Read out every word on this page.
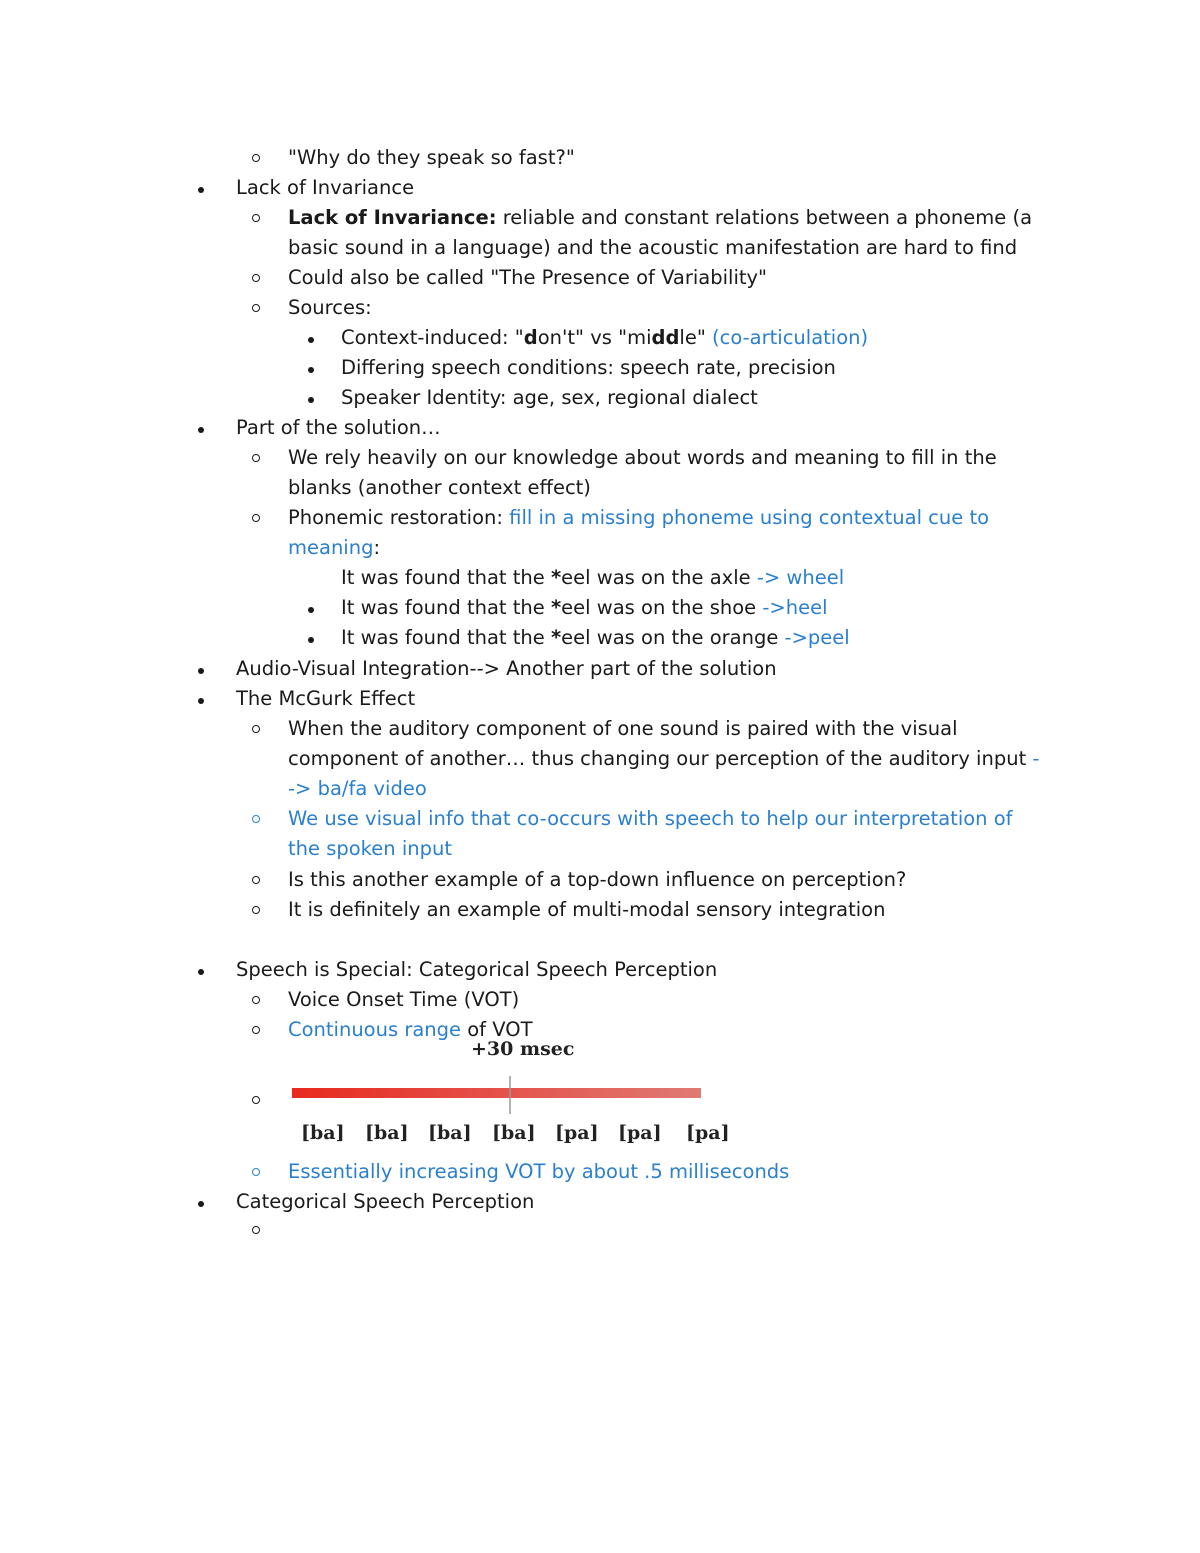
"Why do they speak so fast?"
Lack of Invariance
Lack of Invariance: reliable and constant relations between a phoneme (a
basic sound in a language) and the acoustic manifestation are hard to find
Could also be called "The Presence of Variability"
Sources:
Context-induced: "don't" vs "middle" (co-articulation)
Differing speech conditions: speech rate, precision
Speaker Identity: age, sex, regional dialect
Part of the solution…
We rely heavily on our knowledge about words and meaning to fill in the
blanks (another context effect)
Phonemic restoration: fill in a missing phoneme using contextual cue to
meaning:
It was found that the *eel was on the axle -> wheel
It was found that the *eel was on the shoe ->heel
It was found that the *eel was on the orange ->peel
Audio-Visual Integration--> Another part of the solution
The McGurk Effect
When the auditory component of one sound is paired with the visual
component of another… thus changing our perception of the auditory input -
-> ba/fa video
We use visual info that co-occurs with speech to help our interpretation of
the spoken input
Is this another example of a top-down influence on perception?
It is definitely an example of multi-modal sensory integration
Speech is Special: Categorical Speech Perception
Voice Onset Time (VOT)
Continuous range of VOT
+30 msec
[ba] [ba] [ba] [ba] [pa] [pa] [pa]
Essentially increasing VOT by about .5 milliseconds
Categorical Speech Perception
